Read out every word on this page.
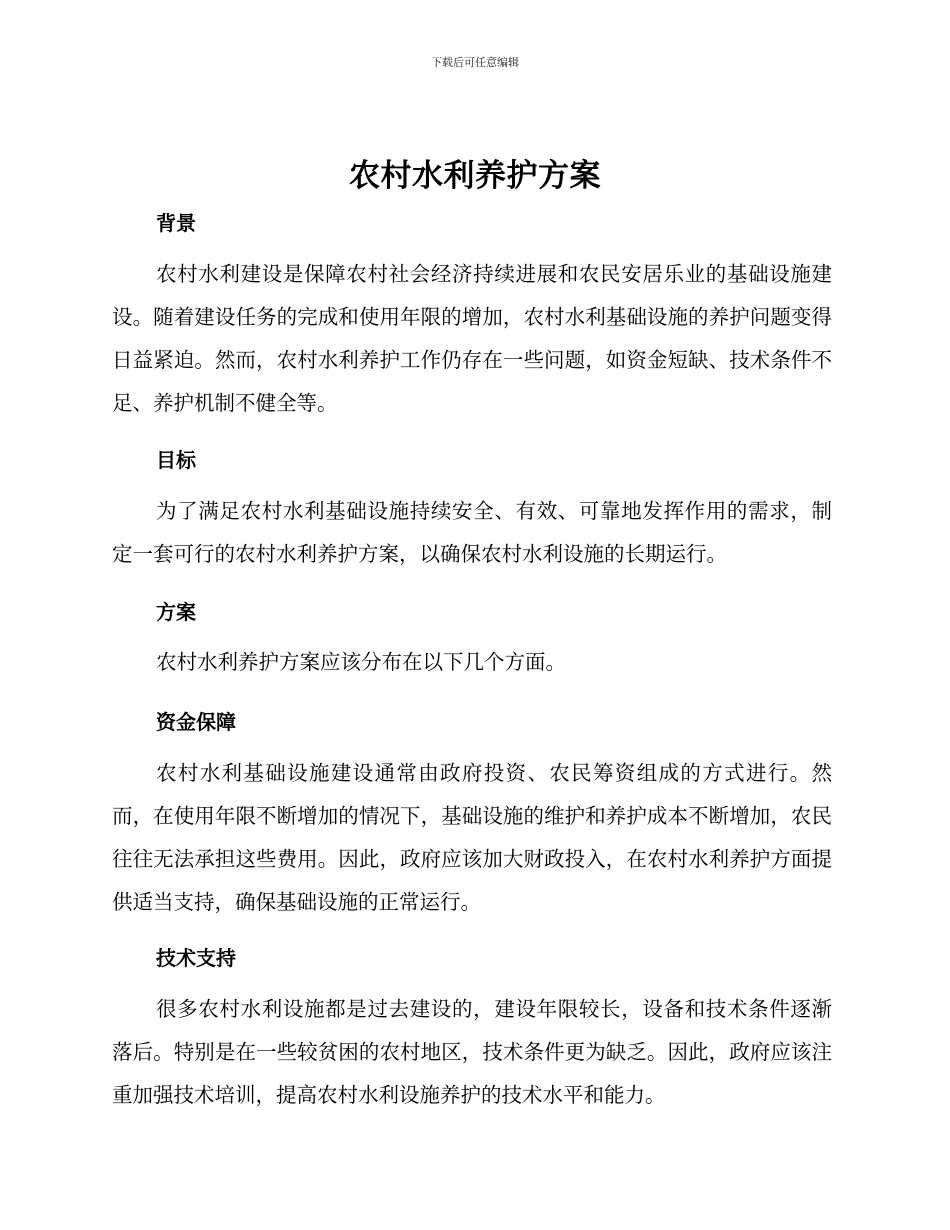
下载后可任意编辑
农村水利养护方案
背景

农村水利建设是保障农村社会经济持续进展和农民安居乐业的基础设施建设。随着建设任务的完成和使用年限的增加，农村水利基础设施的养护问题变得日益紧迫。然而，农村水利养护工作仍存在一些问题，如资金短缺、技术条件不足、养护机制不健全等。

目标

为了满足农村水利基础设施持续安全、有效、可靠地发挥作用的需求，制定一套可行的农村水利养护方案，以确保农村水利设施的长期运行。

方案

农村水利养护方案应该分布在以下几个方面。

资金保障

农村水利基础设施建设通常由政府投资、农民筹资组成的方式进行。然而，在使用年限不断增加的情况下，基础设施的维护和养护成本不断增加，农民往往无法承担这些费用。因此，政府应该加大财政投入，在农村水利养护方面提供适当支持，确保基础设施的正常运行。

技术支持

很多农村水利设施都是过去建设的，建设年限较长，设备和技术条件逐渐落后。特别是在一些较贫困的农村地区，技术条件更为缺乏。因此，政府应该注重加强技术培训，提高农村水利设施养护的技术水平和能力。
